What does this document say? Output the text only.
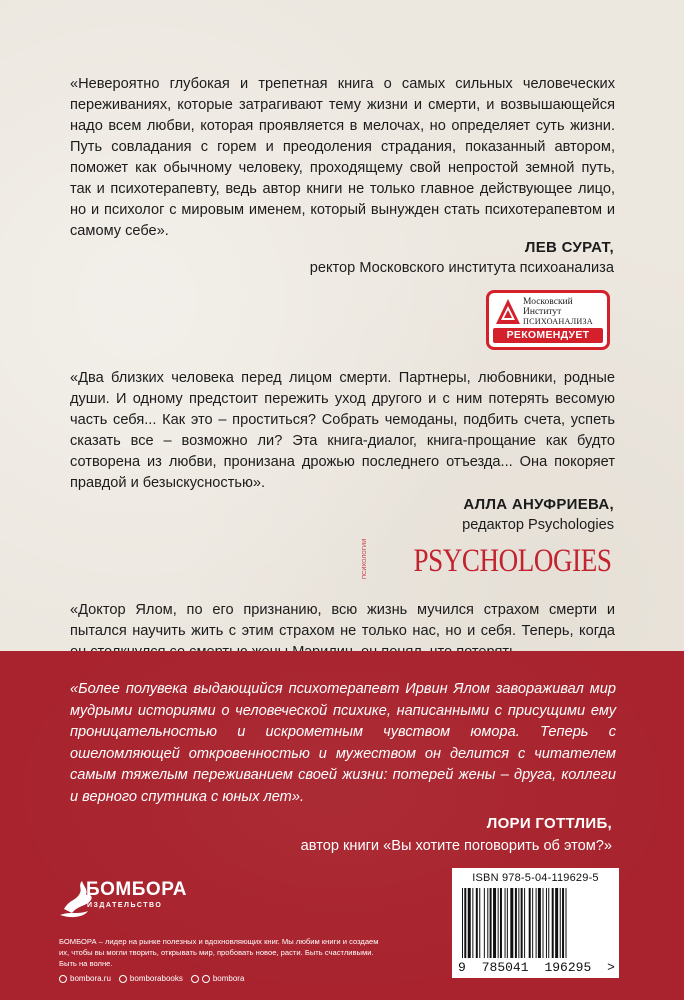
«Невероятно глубокая и трепетная книга о самых сильных человеческих переживаниях, которые затрагивают тему жизни и смерти, и возвышающейся надо всем любви, которая проявляется в мелочах, но определяет суть жизни. Путь совладания с горем и преодоления страдания, показанный автором, поможет как обычному человеку, проходящему свой непростой земной путь, так и психотерапевту, ведь автор книги не только главное действующее лицо, но и психолог с мировым именем, который вынужден стать психотерапевтом и самому себе».

ЛЕВ СУРАТ,
ректор Московского института психоанализа
Московский
Институт
ПСИХОАНАЛИЗА
РЕКОМЕНДУЕТ

«Два близких человека перед лицом смерти. Партнеры, любовники, родные души. И одному предстоит пережить уход другого и с ним потерять весомую часть себя... Как это – проститься? Собрать чемоданы, подбить счета, успеть сказать все – возможно ли? Эта книга-диалог, книга-прощание как будто сотворена из любви, пронизана дрожью последнего отъезда... Она покоряет правдой и безыскусностью».

АЛЛА АНУФРИЕВА,
редактор Psychologies
ПСИХОЛОГИИ PSYCHOLOGIES

«Доктор Ялом, по его признанию, всю жизнь мучился страхом смерти и пытался научить жить с этим страхом не только нас, но и себя. Теперь, когда

«Более полувека выдающийся психотерапевт Ирвин Ялом завораживал мир мудрыми историями о человеческой психике, написанными с присущими ему проницательностью и искрометным чувством юмора. Теперь с ошеломляющей откровенностью и мужеством он делится с читателем самым тяжелым переживанием своей жизни: потерей жены – друга, коллеги и верного спутника с юных лет».

ЛОРИ ГОТТЛИБ,
автор книги «Вы хотите поговорить об этом?»
БОМБОРА
ИЗДАТЕЛЬСТВО

БОМБОРА – лидер на рынке полезных и вдохновляющих книг. Мы любим книги и создаем их, чтобы вы могли творить, открывать мир, пробовать новое, расти. Быть счастливыми. Быть на волне.

bombora.ru bomborabooks	bombora
ISBN 978-5-04-119629-5
9 785041 196295 >
